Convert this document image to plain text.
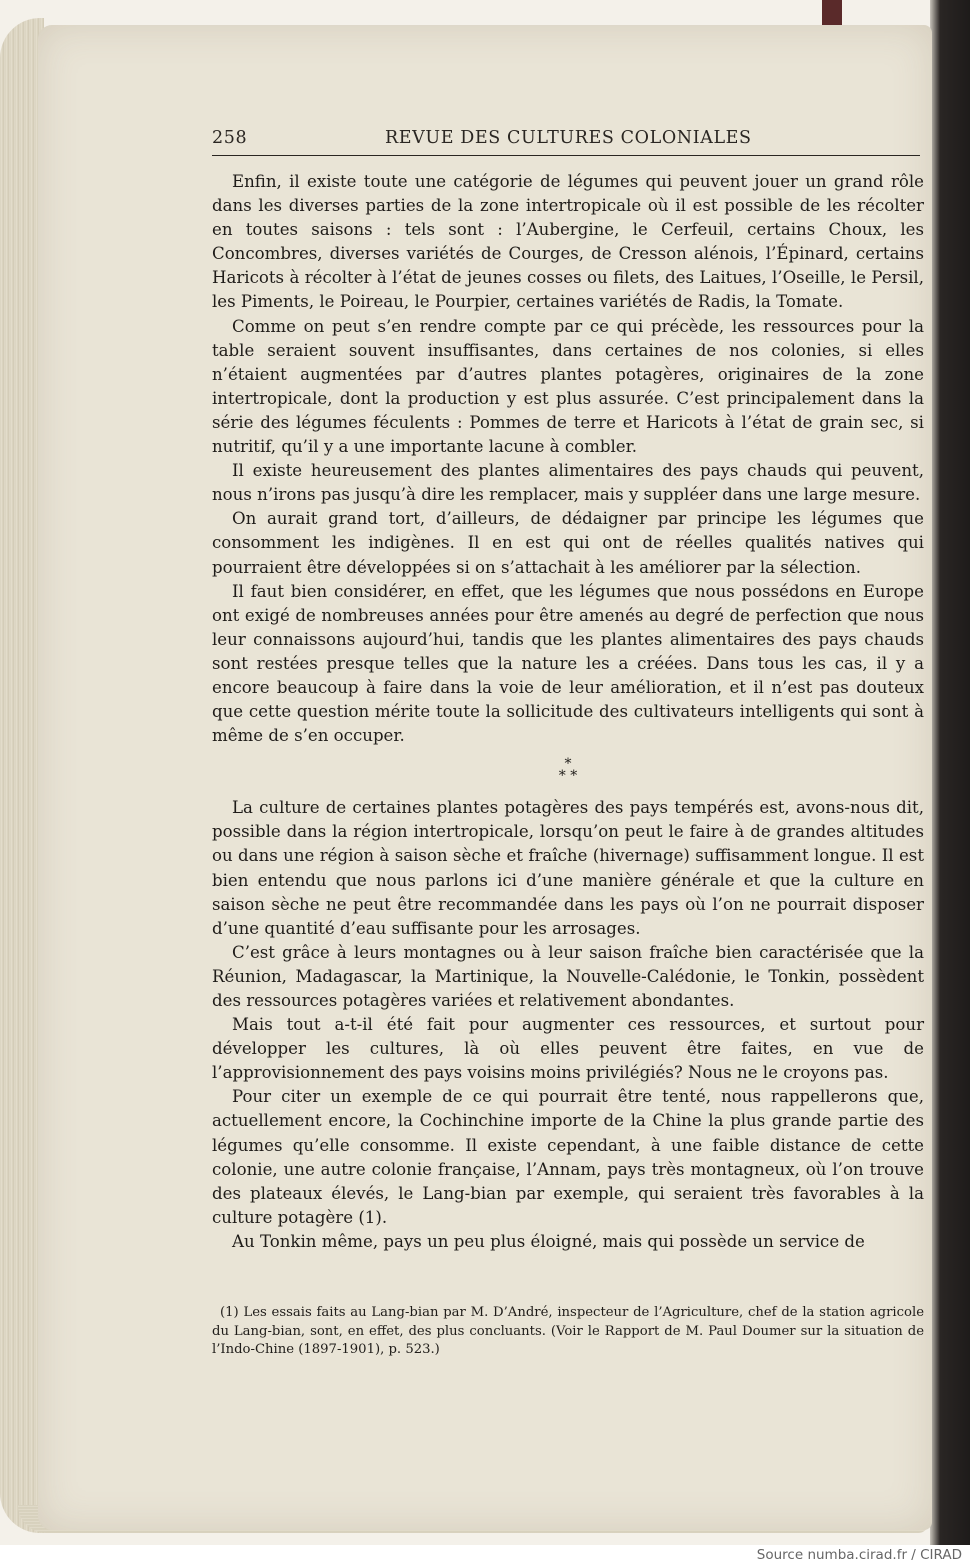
258	REVUE DES CULTURES COLONIALES

Enfin, il existe toute une catégorie de légumes qui peuvent jouer un grand rôle dans les diverses parties de la zone intertropicale où il est possible de les récolter en toutes saisons : tels sont : l’Aubergine, le Cerfeuil, certains Choux, les Concombres, diverses variétés de Courges, de Cresson alénois, l’Épinard, certains Haricots à récolter à l’état de jeunes cosses ou filets, des Laitues, l’Oseille, le Persil, les Piments, le Poireau, le Pourpier, certaines variétés de Radis, la Tomate.

Comme on peut s’en rendre compte par ce qui précède, les ressources pour la table seraient souvent insuffisantes, dans certaines de nos colonies, si elles n’étaient augmentées par d’autres plantes potagères, originaires de la zone intertropicale, dont la production y est plus assurée. C’est principalement dans la série des légumes féculents : Pommes de terre et Haricots à l’état de grain sec, si nutritif, qu’il y a une importante lacune à combler.

Il existe heureusement des plantes alimentaires des pays chauds qui peuvent, nous n’irons pas jusqu’à dire les remplacer, mais y suppléer dans une large mesure.

On aurait grand tort, d’ailleurs, de dédaigner par principe les légumes que consomment les indigènes. Il en est qui ont de réelles qualités natives qui pourraient être développées si on s’attachait à les améliorer par la sélection.

Il faut bien considérer, en effet, que les légumes que nous possédons en Europe ont exigé de nombreuses années pour être amenés au degré de perfection que nous leur connaissons aujourd’hui, tandis que les plantes alimentaires des pays chauds sont restées presque telles que la nature les a créées. Dans tous les cas, il y a encore beaucoup à faire dans la voie de leur amélioration, et il n’est pas douteux que cette question mérite toute la sollicitude des cultivateurs intelligents qui sont à même de s’en occuper.

*
* *

La culture de certaines plantes potagères des pays tempérés est, avons-nous dit, possible dans la région intertropicale, lorsqu’on peut le faire à de grandes altitudes ou dans une région à saison sèche et fraîche (hivernage) suffisamment longue. Il est bien entendu que nous parlons ici d’une manière générale et que la culture en saison sèche ne peut être recommandée dans les pays où l’on ne pourrait disposer d’une quantité d’eau suffisante pour les arrosages.

C’est grâce à leurs montagnes ou à leur saison fraîche bien caractérisée que la Réunion, Madagascar, la Martinique, la Nouvelle-Calédonie, le Tonkin, possèdent des ressources potagères variées et relativement abondantes.

Mais tout a-t-il été fait pour augmenter ces ressources, et surtout pour développer les cultures, là où elles peuvent être faites, en vue de l’approvisionnement des pays voisins moins privilégiés? Nous ne le croyons pas.

Pour citer un exemple de ce qui pourrait être tenté, nous rappellerons que, actuellement encore, la Cochinchine importe de la Chine la plus grande partie des légumes qu’elle consomme. Il existe cependant, à une faible distance de cette colonie, une autre colonie française, l’Annam, pays très montagneux, où l’on trouve des plateaux élevés, le Lang-bian par exemple, qui seraient très favorables à la culture potagère (1).

Au Tonkin même, pays un peu plus éloigné, mais qui possède un service de

(1) Les essais faits au Lang-bian par M. D’André, inspecteur de l’Agriculture, chef de la station agricole du Lang-bian, sont, en effet, des plus concluants. (Voir le Rapport de M. Paul Doumer sur la situation de l’Indo-Chine (1897-1901), p. 523.)

Source numba.cirad.fr / CIRAD
